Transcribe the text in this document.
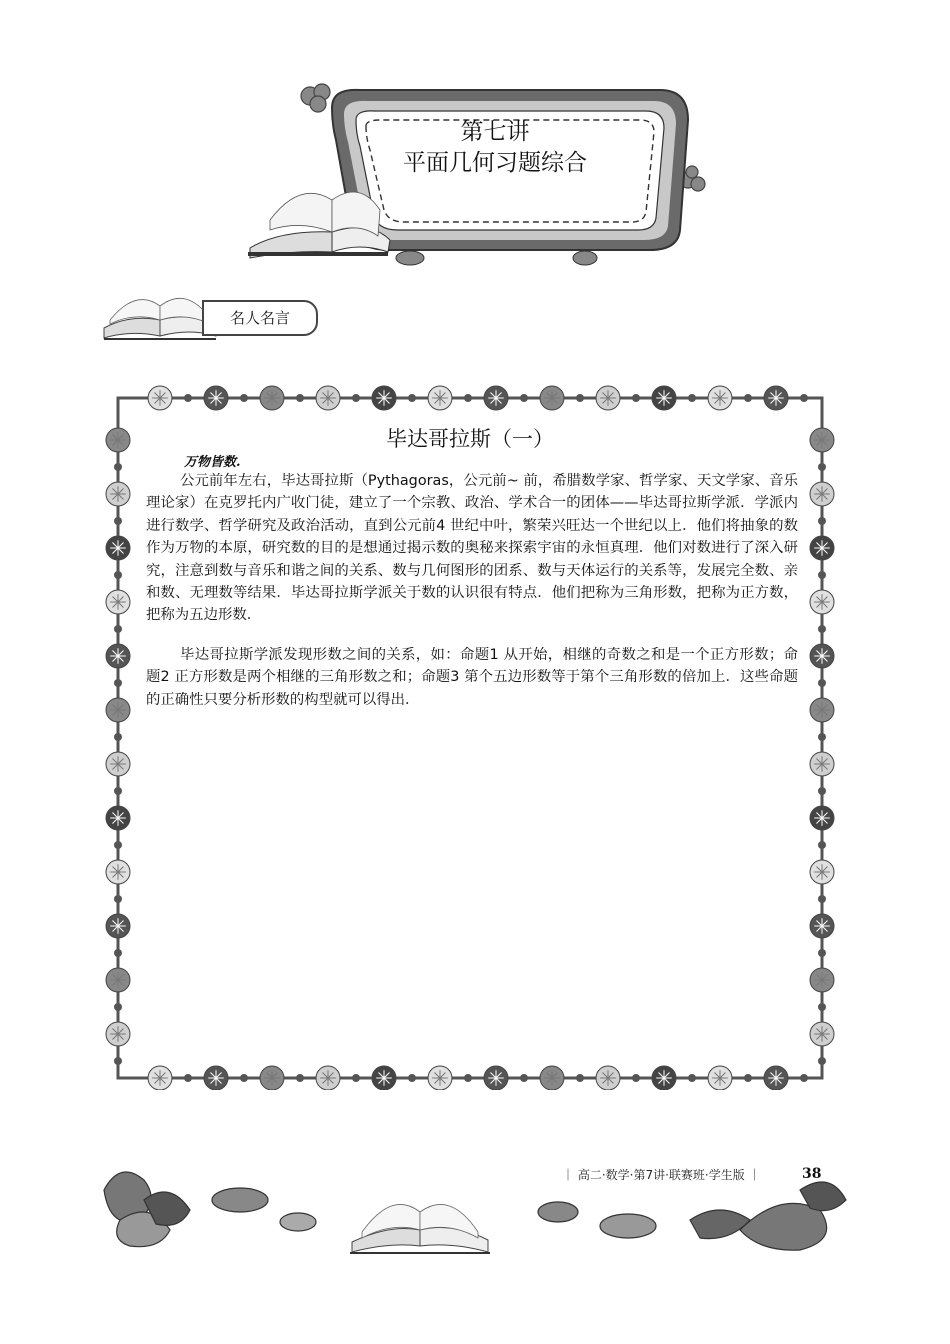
第七讲
平面几何习题综合
名人名言
毕达哥拉斯（一）
万物皆数.

公元前年左右，毕达哥拉斯（Pythagoras，公元前~ 前，希腊数学家、哲学家、天文学家、音乐理论家）在克罗托内广收门徒，建立了一个宗教、政治、学术合一的团体——毕达哥拉斯学派．学派内进行数学、哲学研究及政治活动，直到公元前4 世纪中叶，繁荣兴旺达一个世纪以上．他们将抽象的数作为万物的本原，研究数的目的是想通过揭示数的奥秘来探索宇宙的永恒真理．他们对数进行了深入研究，注意到数与音乐和谐之间的关系、数与几何图形的团系、数与天体运行的关系等，发展完全数、亲和数、无理数等结果．毕达哥拉斯学派关于数的认识很有特点．他们把称为三角形数，把称为正方数，把称为五边形数．

毕达哥拉斯学派发现形数之间的关系，如：命题1 从开始，相继的奇数之和是一个正方形数；命题2 正方形数是两个相继的三角形数之和；命题3 第个五边形数等于第个三角形数的倍加上．这些命题的正确性只要分析形数的构型就可以得出．

｜ 高二·数学·第7讲·联赛班·学生版 ｜	38
